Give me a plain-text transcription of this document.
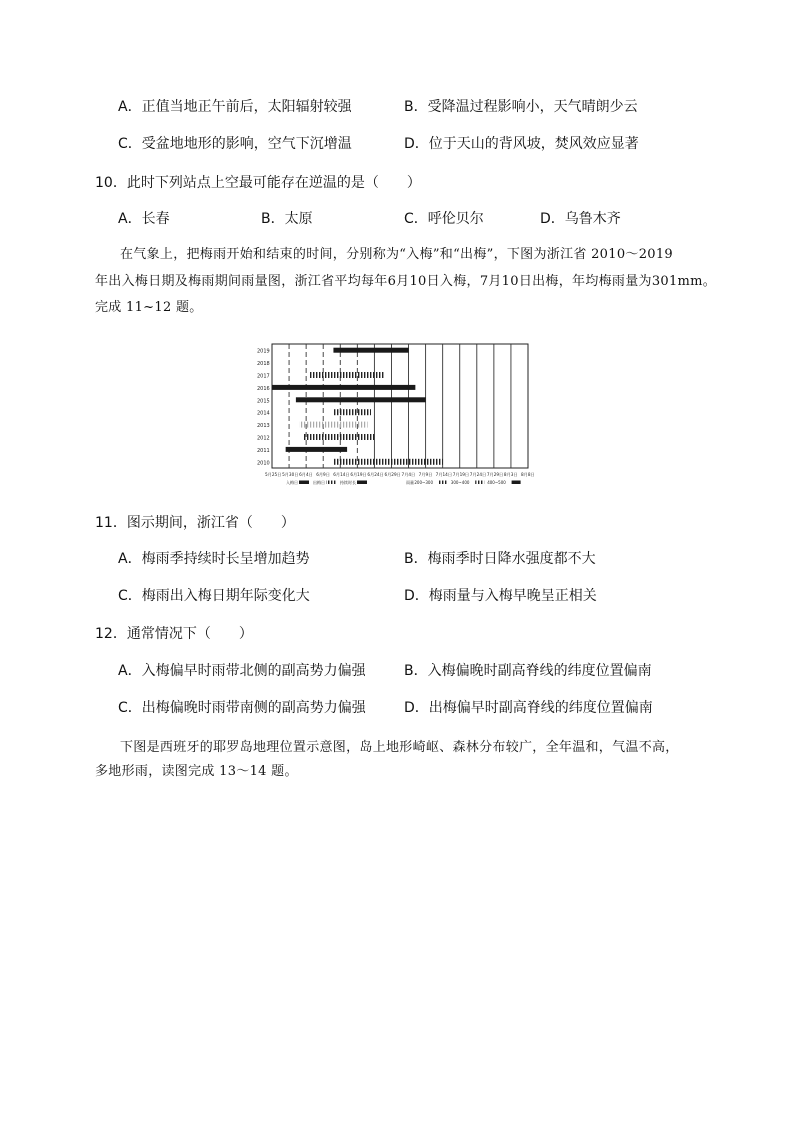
A．正值当地正午前后，太阳辐射较强	B．受降温过程影响小，天气晴朗少云
C．受盆地地形的影响，空气下沉增温	D．位于天山的背风坡，焚风效应显著
10．此时下列站点上空最可能存在逆温的是（　　）
A．长春	B．太原	C．呼伦贝尔	D．乌鲁木齐
在气象上，把梅雨开始和结束的时间，分别称为“入梅”和“出梅”，下图为浙江省 2010～2019
年出入梅日期及梅雨期间雨量图，浙江省平均每年6月10日入梅，7月10日出梅，年均梅雨量为301mm。
完成 11~12 题。
2019
2018
2017
2016
2015
2014
2013
2012
2011
2010
5月25日 5月30日 6月4日 6月9日 6月14日 6月19日 6月24日 6月29日 7月4日 7月9日 7月14日 7月19日 7月24日 7月29日 8月3日 8月8日
入梅日	出梅日	持续时长	雨量 200~300	300~400	400~500
11．图示期间，浙江省（　　）
A．梅雨季持续时长呈增加趋势	B．梅雨季时日降水强度都不大
C．梅雨出入梅日期年际变化大	D．梅雨量与入梅早晚呈正相关
12．通常情况下（　　）
A．入梅偏早时雨带北侧的副高势力偏强	B．入梅偏晚时副高脊线的纬度位置偏南
C．出梅偏晚时雨带南侧的副高势力偏强	D．出梅偏早时副高脊线的纬度位置偏南
下图是西班牙的耶罗岛地理位置示意图，岛上地形崎岖、森林分布较广，全年温和，气温不高，
多地形雨，读图完成 13～14 题。
